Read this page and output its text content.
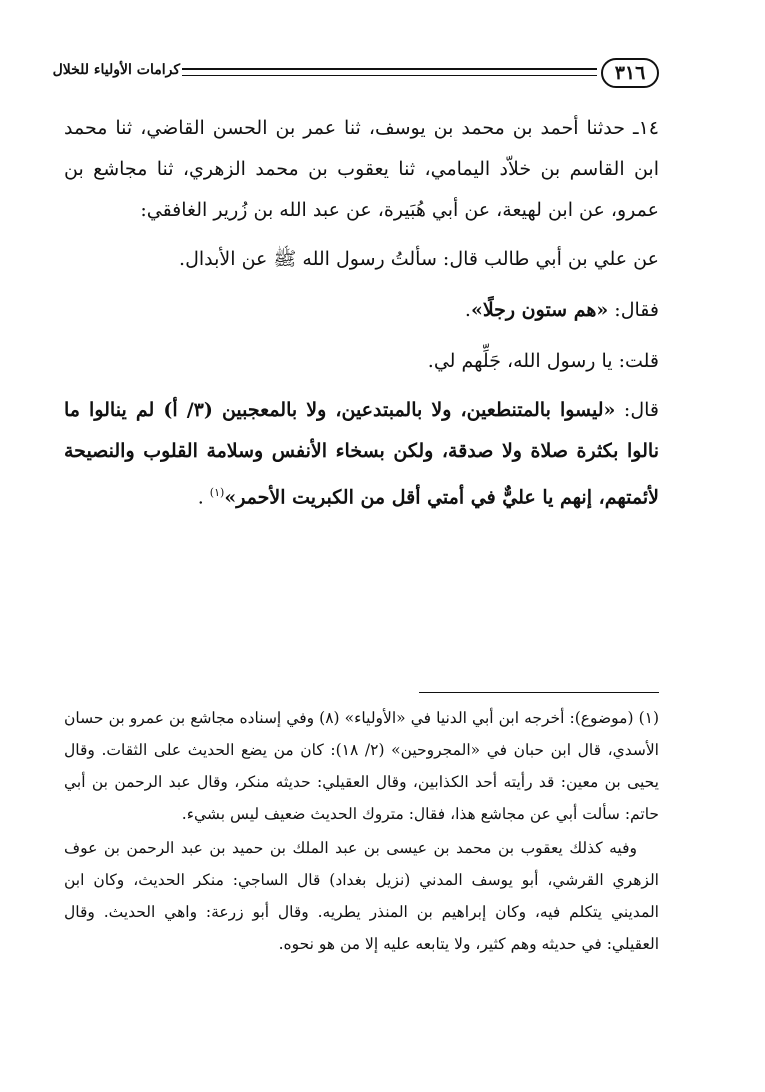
٣١٦
كرامات الأولياء للخلال

١٤ـ حدثنا أحمد بن محمد بن يوسف، ثنا عمر بن الحسن القاضي، ثنا محمد ابن القاسم بن خلاّد اليمامي، ثنا يعقوب بن محمد الزهري، ثنا مجاشع بن عمرو، عن ابن لهيعة، عن أبي هُبَيرة، عن عبد الله بن زُرير الغافقي:

عن علي بن أبي طالب قال: سألتُ رسول الله ﷺ عن الأبدال.

فقال: «هم ستون رجلًا».

قلت: يا رسول الله، جَلِّهم لي.

قال: «ليسوا بالمتنطعين، ولا بالمبتدعين، ولا بالمعجبين (٣/ أ) لم ينالوا ما نالوا بكثرة صلاة ولا صدقة، ولكن بسخاء الأنفس وسلامة القلوب والنصيحة لأئمتهم، إنهم يا عليٌّ في أمتي أقل من الكبريت الأحمر»$^{(١)}$ .

(١) (موضوع): أخرجه ابن أبي الدنيا في «الأولياء» (٨) وفي إسناده مجاشع بن عمرو بن حسان الأسدي، قال ابن حبان في «المجروحين» (٢/ ١٨): كان من يضع الحديث على الثقات. وقال يحيى بن معين: قد رأيته أحد الكذابين، وقال العقيلي: حديثه منكر، وقال عبد الرحمن بن أبي حاتم: سألت أبي عن مجاشع هذا، فقال: متروك الحديث ضعيف ليس بشيء.

وفيه كذلك يعقوب بن محمد بن عيسى بن عبد الملك بن حميد بن عبد الرحمن بن عوف الزهري القرشي، أبو يوسف المدني (نزيل بغداد) قال الساجي: منكر الحديث، وكان ابن المديني يتكلم فيه، وكان إبراهيم بن المنذر يطريه. وقال أبو زرعة: واهي الحديث. وقال العقيلي: في حديثه وهم كثير، ولا يتابعه عليه إلا من هو نحوه.
